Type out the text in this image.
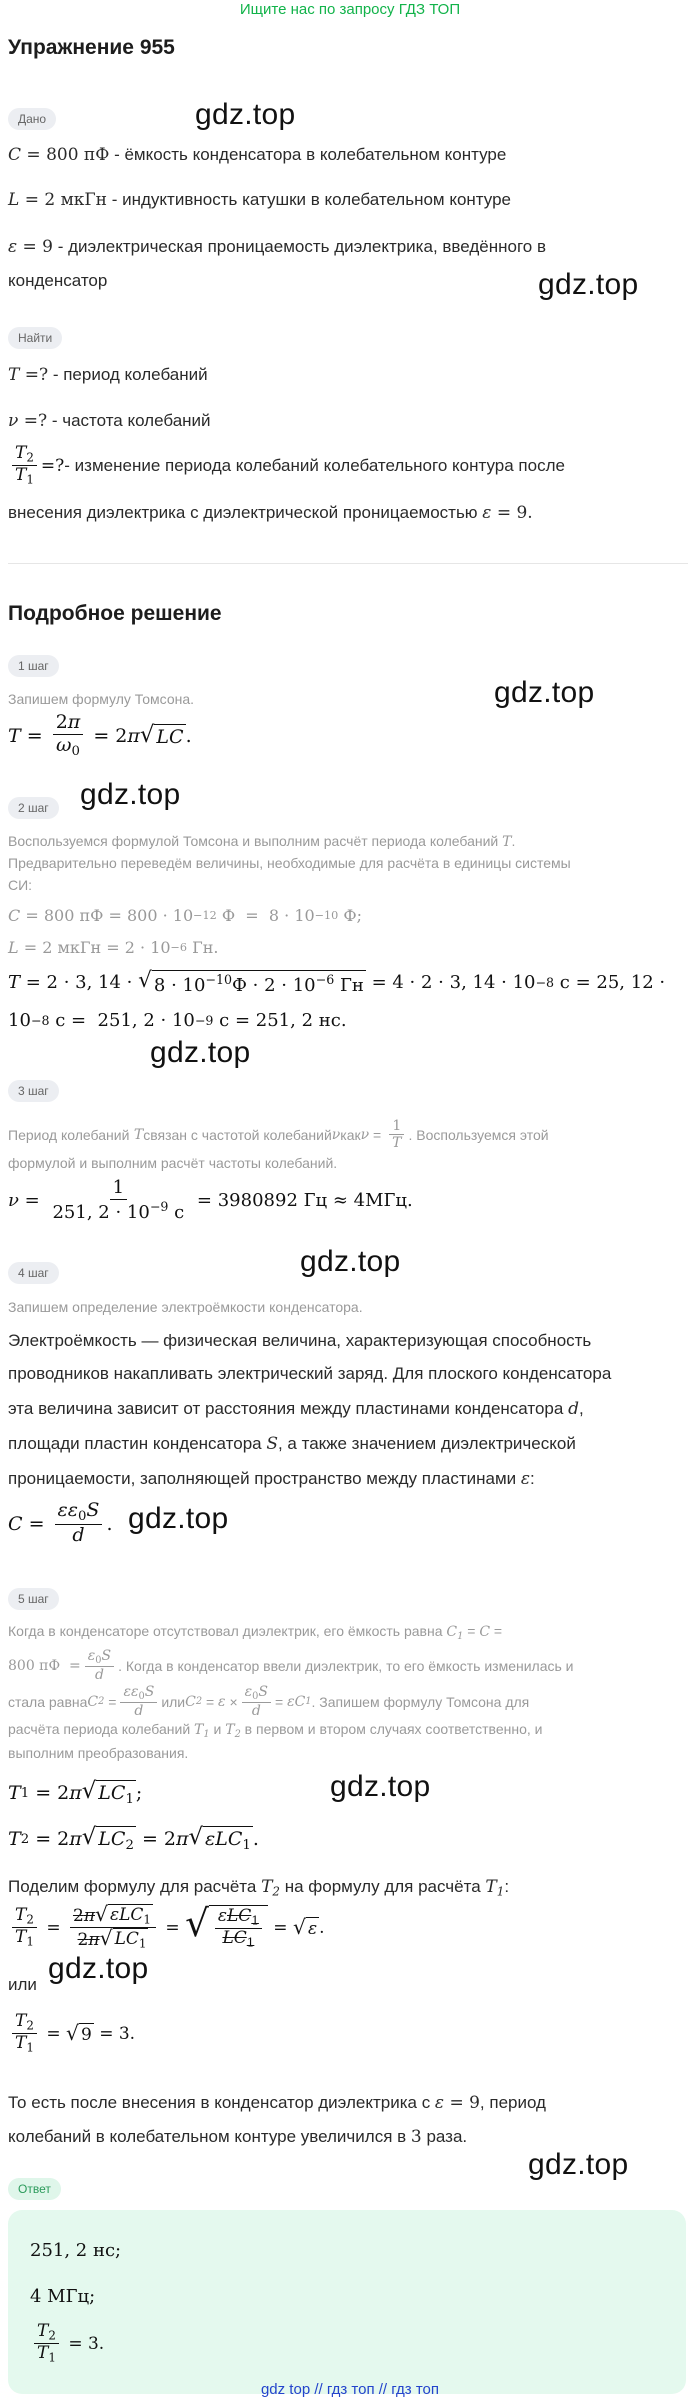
Ищите нас по запросу ГДЗ ТОП
Упражнение 955
Дано	gdz.top
C = 800 пФ - ёмкость конденсатора в колебательном контуре
L = 2 мкГн - индуктивность катушки в колебательном контуре
ε = 9 - диэлектрическая проницаемость диэлектрика, введённого в
gdz.top
конденсатор
Найти
T =? - период колебаний
ν =? - частота колебаний
$\frac{T_2}{T_1}$ =? - изменение периода колебаний колебательного контура после
внесения диэлектрика с диэлектрической проницаемостью ε = 9.
Подробное решение
1 шаг
gdz.top
Запишем формулу Томсона.
$T = \frac{2\pi}{\omega_0} = 2$ π √ LC .
2 шаг	gdz.top
Воспользуемся формулой Томсона и выполним расчёт периода колебаний T.
Предварительно переведём величины, необходимые для расчёта в единицы системы
СИ:
C = 800 пФ = 800 · 10 −12 Ф  =  8 · 10 −10 Ф;
L = 2 мкГн = 2 · 10 −6 Гн.
T = 2 · 3, 14 · √ $8 \cdot 10^{-10}Ф \cdot 2 \cdot 10^{-6}$ Гн = 4 · 2 · 3, 14 · 10 −8 с = 25, 12 ·
10 −8 с =  251, 2 · 10 −9 с = 251, 2 нс.
gdz.top
3 шаг
Период колебаний T связан с частотой колебаний ν как $\nu = \frac{1}{T}$ . Воспользуемся этой
формулой и выполним расчёт частоты колебаний.
$\nu = \frac{1}{251, 2 \cdot 10^{-9} с} = 3980892$ Гц ≈ 4МГц.
gdz.top
4 шаг
Запишем определение электроёмкости конденсатора.
Электроёмкость — физическая величина, характеризующая способность
проводников накапливать электрический заряд. Для плоского конденсатора
эта величина зависит от расстояния между пластинами конденсатора d,
площади пластин конденсатора S, а также значением диэлектрической
проницаемости, заполняющей пространство между пластинами ε:
$C = \frac{\varepsilon\varepsilon_0S}{d}$ . gdz.top
5 шаг
Когда в конденсаторе отсутствовал диэлектрик, его ёмкость равна $C_1 = C$ =
800 пФ  = $\frac{\varepsilon_0S}{d}$ . Когда в конденсатор ввели диэлектрик, то его ёмкость изменилась и
стала равна C $2 = \frac{\varepsilon\varepsilon_0S}{d}$ или C $2 = \varepsilon \times \frac{\varepsilon_0S}{d} = \varepsilon C$ 1 . Запишем формулу Томсона для
расчёта периода колебаний $T_1$ и $T_2$ в первом и втором случаях соответственно, и
выполним преобразования.
gdz.top
T 1 = 2 π √ $LC_1$ ;
T 2 = 2 π √ $LC_2 = 2$ π √ εLC$_1$ .
Поделим формулу для расчёта $T_2$ на формулу для расчёта $T_1$:
$\frac{T_2}{T_1} = \frac{2\pi √ \varepsilon LC_1}{2\pi √ LC_1}$ = √ $\frac{\varepsilon LC_1}{LC_1}$ = √ ε .
или gdz.top
$\frac{T_2}{T_1}$ = √ 9 = 3.
То есть после внесения в конденсатор диэлектрика с ε = 9, период
колебаний в колебательном контуре увеличился в 3 раза.
gdz.top
Ответ
251, 2 нс;
4 МГц;
$\frac{T_2}{T_1}$
= 3.
gdz top // гдз топ // гдз топ
